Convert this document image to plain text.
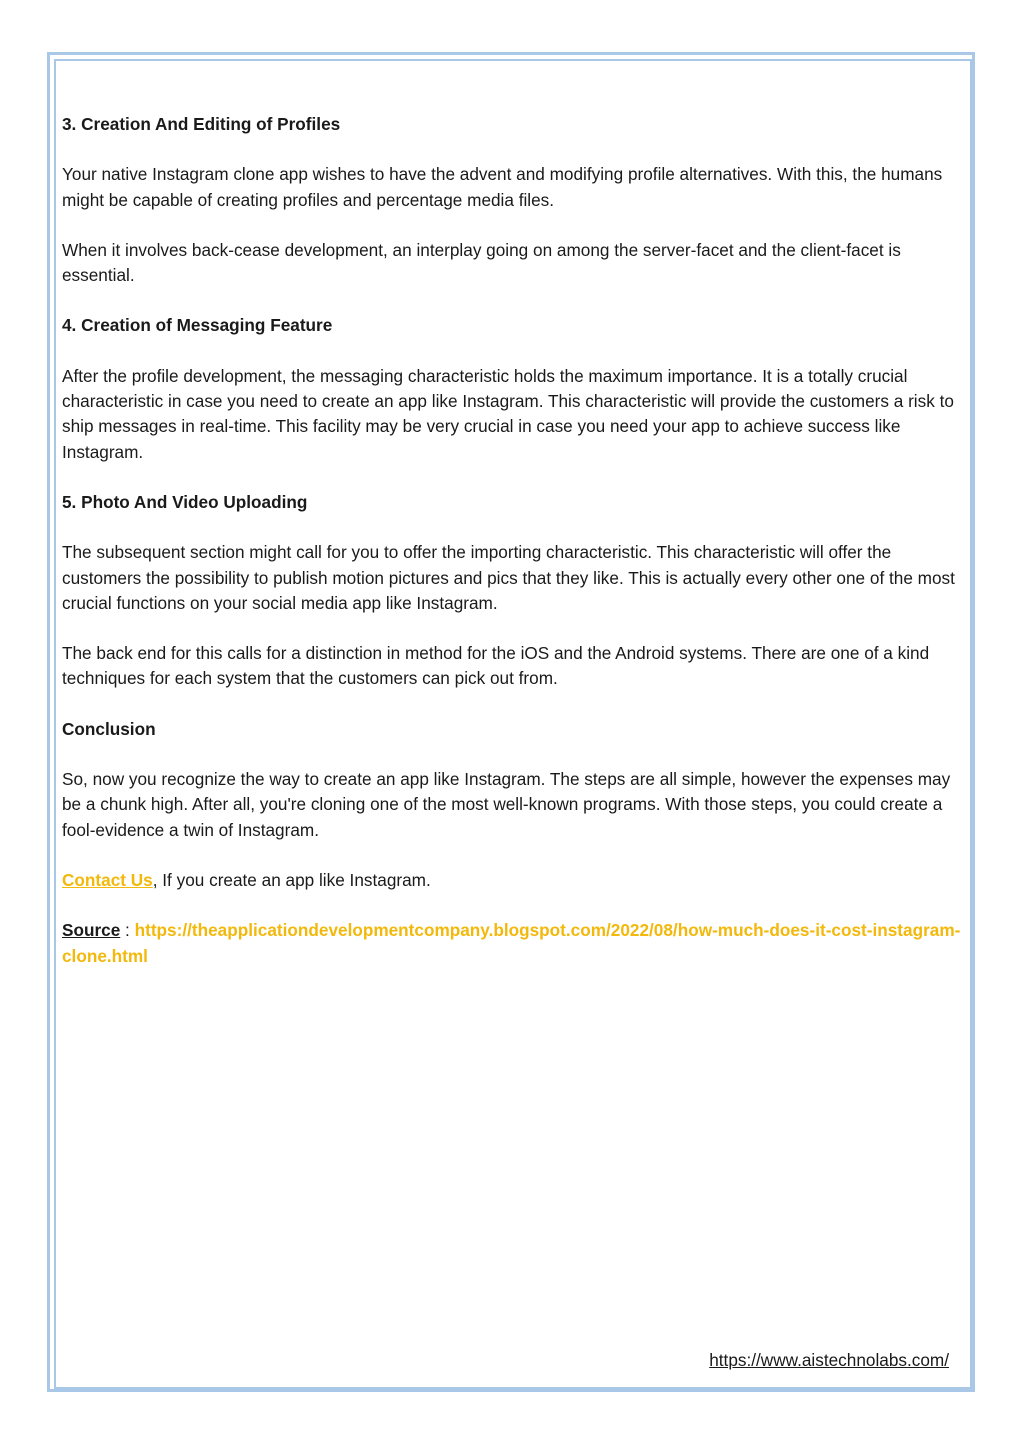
3. Creation And Editing of Profiles

Your native Instagram clone app wishes to have the advent and modifying profile alternatives. With this, the humans might be capable of creating profiles and percentage media files.

When it involves back-cease development, an interplay going on among the server-facet and the client-facet is essential.

4. Creation of Messaging Feature

After the profile development, the messaging characteristic holds the maximum importance. It is a totally crucial characteristic in case you need to create an app like Instagram. This characteristic will provide the customers a risk to ship messages in real-time. This facility may be very crucial in case you need your app to achieve success like Instagram.

5. Photo And Video Uploading

The subsequent section might call for you to offer the importing characteristic. This characteristic will offer the customers the possibility to publish motion pictures and pics that they like. This is actually every other one of the most crucial functions on your social media app like Instagram.

The back end for this calls for a distinction in method for the iOS and the Android systems. There are one of a kind techniques for each system that the customers can pick out from.

Conclusion

So, now you recognize the way to create an app like Instagram. The steps are all simple, however the expenses may be a chunk high. After all, you're cloning one of the most well-known programs. With those steps, you could create a fool-evidence a twin of Instagram.

Contact Us, If you create an app like Instagram.

Source : https://theapplicationdevelopmentcompany.blogspot.com/2022/08/how-much-does-it-cost-instagram-clone.html

https://www.aistechnolabs.com/
